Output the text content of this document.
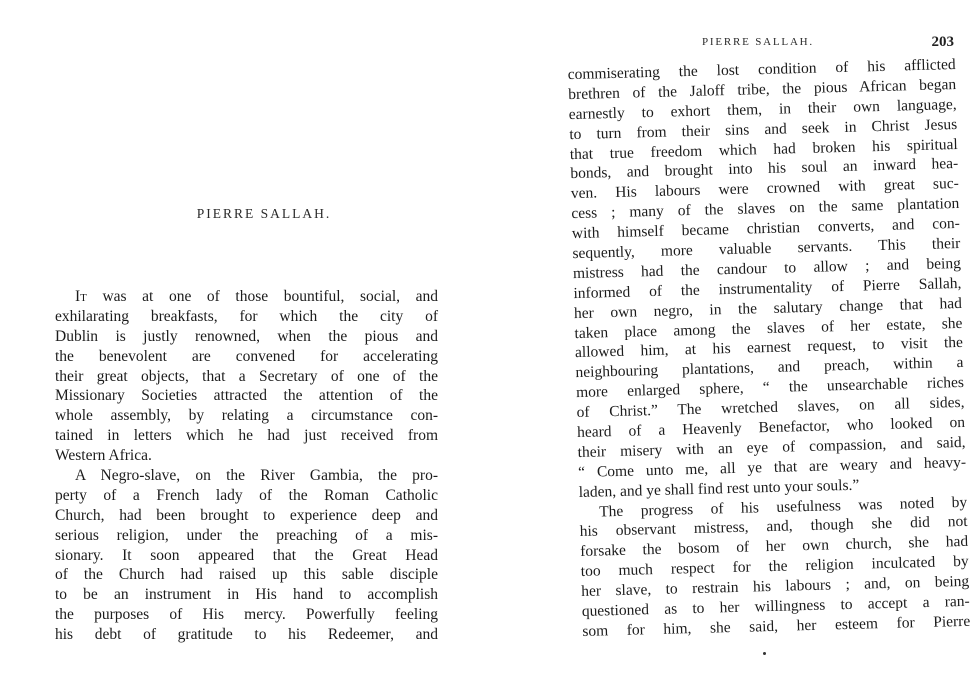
PIERRE SALLAH.
It was at one of those bountiful, social, and
exhilarating breakfasts, for which the city of
Dublin is justly renowned, when the pious and
the benevolent are convened for accelerating
their great objects, that a Secretary of one of the
Missionary Societies attracted the attention of the
whole assembly, by relating a circumstance con-
tained in letters which he had just received from
Western Africa.
A Negro-slave, on the River Gambia, the pro-
perty of a French lady of the Roman Catholic
Church, had been brought to experience deep and
serious religion, under the preaching of a mis-
sionary. It soon appeared that the Great Head
of the Church had raised up this sable disciple
to be an instrument in His hand to accomplish
the purposes of His mercy. Powerfully feeling
his debt of gratitude to his Redeemer, and
PIERRE SALLAH.	203
commiserating the lost condition of his afflicted
brethren of the Jaloff tribe, the pious African began
earnestly to exhort them, in their own language,
to turn from their sins and seek in Christ Jesus
that true freedom which had broken his spiritual
bonds, and brought into his soul an inward hea-
ven. His labours were crowned with great suc-
cess ; many of the slaves on the same plantation
with himself became christian converts, and con-
sequently, more valuable servants. This their
mistress had the candour to allow ; and being
informed of the instrumentality of Pierre Sallah,
her own negro, in the salutary change that had
taken place among the slaves of her estate, she
allowed him, at his earnest request, to visit the
neighbouring plantations, and preach, within a
more enlarged sphere, “ the unsearchable riches
of Christ.” The wretched slaves, on all sides,
heard of a Heavenly Benefactor, who looked on
their misery with an eye of compassion, and said,
“ Come unto me, all ye that are weary and heavy-
laden, and ye shall find rest unto your souls.”
The progress of his usefulness was noted by
his observant mistress, and, though she did not
forsake the bosom of her own church, she had
too much respect for the religion inculcated by
her slave, to restrain his labours ; and, on being
questioned as to her willingness to accept a ran-
som for him, she said, her esteem for Pierre
